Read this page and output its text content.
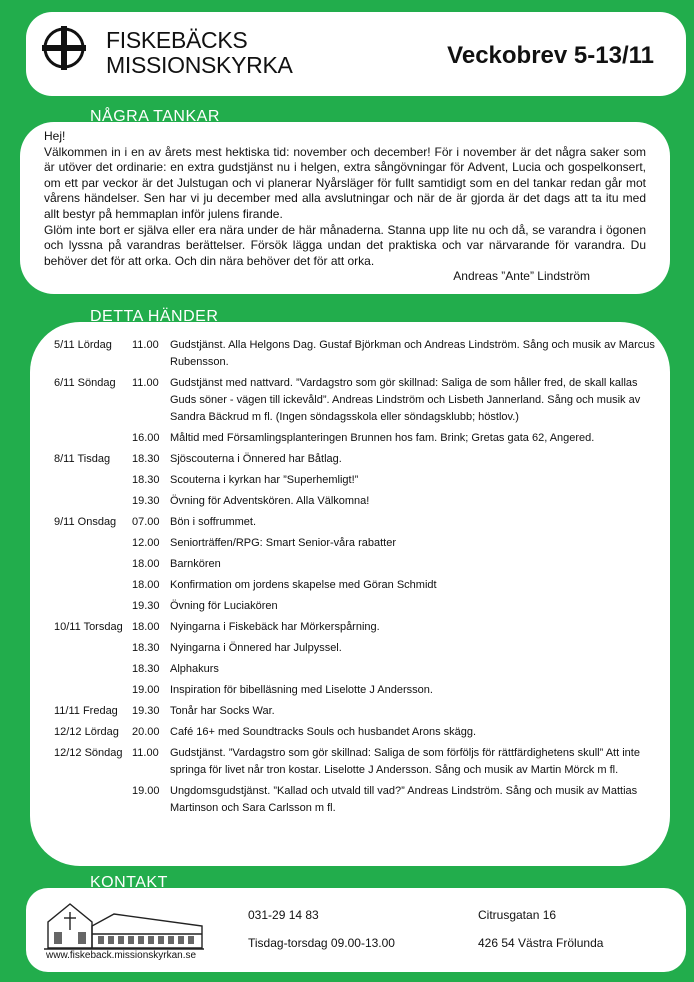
FISKEBÄCKS
MISSIONSKYRKA	Veckobrev 5-13/11
NÅGRA TANKAR

Hej!

Välkommen in i en av årets mest hektiska tid: november och december! För i november är det några saker som är utöver det ordinarie: en extra gudstjänst nu i helgen, extra sångövningar för Advent, Lucia och gospelkonsert, om ett par veckor är det Julstugan och vi planerar Nyårsläger för fullt samtidigt som en del tankar redan går mot vårens händelser. Sen har vi ju december med alla avslutningar och när de är gjorda är det dags att ta itu med allt bestyr på hemmaplan inför julens firande.

Glöm inte bort er själva eller era nära under de här månaderna. Stanna upp lite nu och då, se varandra i ögonen och lyssna på varandras berättelser. Försök lägga undan det praktiska och var närvarande för varandra. Du behöver det för att orka. Och din nära behöver det för att orka.

Andreas ”Ante” Lindström

DETTA HÄNDER
5/11 Lördag	11.00	Gudstjänst. Alla Helgons Dag. Gustaf Björkman och Andreas Lindström. Sång och musik av Marcus Rubensson.
6/11 Söndag	11.00	Gudstjänst med nattvard. ”Vardagstro som gör skillnad: Saliga de som håller fred, de skall kallas Guds söner - vägen till ickevåld”. Andreas Lindström och Lisbeth Jannerland. Sång och musik av Sandra Bäckrud m fl. (Ingen söndagsskola eller söndagsklubb; höstlov.)
16.00 Måltid med Församlingsplanteringen Brunnen hos fam. Brink; Gretas gata 62, Angered.
8/11 Tisdag	18.30 Sjöscouterna i Önnered har Båtlag.
18.30 Scouterna i kyrkan har ”Superhemligt!”
19.30 Övning för Adventskören. Alla Välkomna!
9/11 Onsdag	07.00 Bön i soffrummet.
12.00 Seniorträffen/RPG: Smart Senior-våra rabatter
18.00 Barnkören
18.00 Konfirmation om jordens skapelse med Göran Schmidt
19.30 Övning för Luciakören
10/11 Torsdag 18.00 Nyingarna i Fiskebäck har Mörkerspårning.
18.30 Nyingarna i Önnered har Julpyssel.
18.30 Alphakurs
19.00 Inspiration för bibelläsning med Liselotte J Andersson.
11/11 Fredag	19.30 Tonår har Socks War.
12/12 Lördag	20.00 Café 16+ med Soundtracks Souls och husbandet Arons skägg.
12/12 Söndag 11.00	Gudstjänst. ”Vardagstro som gör skillnad: Saliga de som förföljs för rättfärdighetens skull” Att inte springa för livet når tron kostar. Liselotte J Andersson. Sång och musik av Martin Mörck m fl.
19.00 Ungdomsgudstjänst. ”Kallad och utvald till vad?” Andreas Lindström. Sång och musik av Mattias Martinson och Sara Carlsson m fl.
KONTAKT
www.fiskeback.missionskyrkan.se
031-29 14 83
Tisdag-torsdag 09.00-13.00
Citrusgatan 16
426 54 Västra Frölunda
